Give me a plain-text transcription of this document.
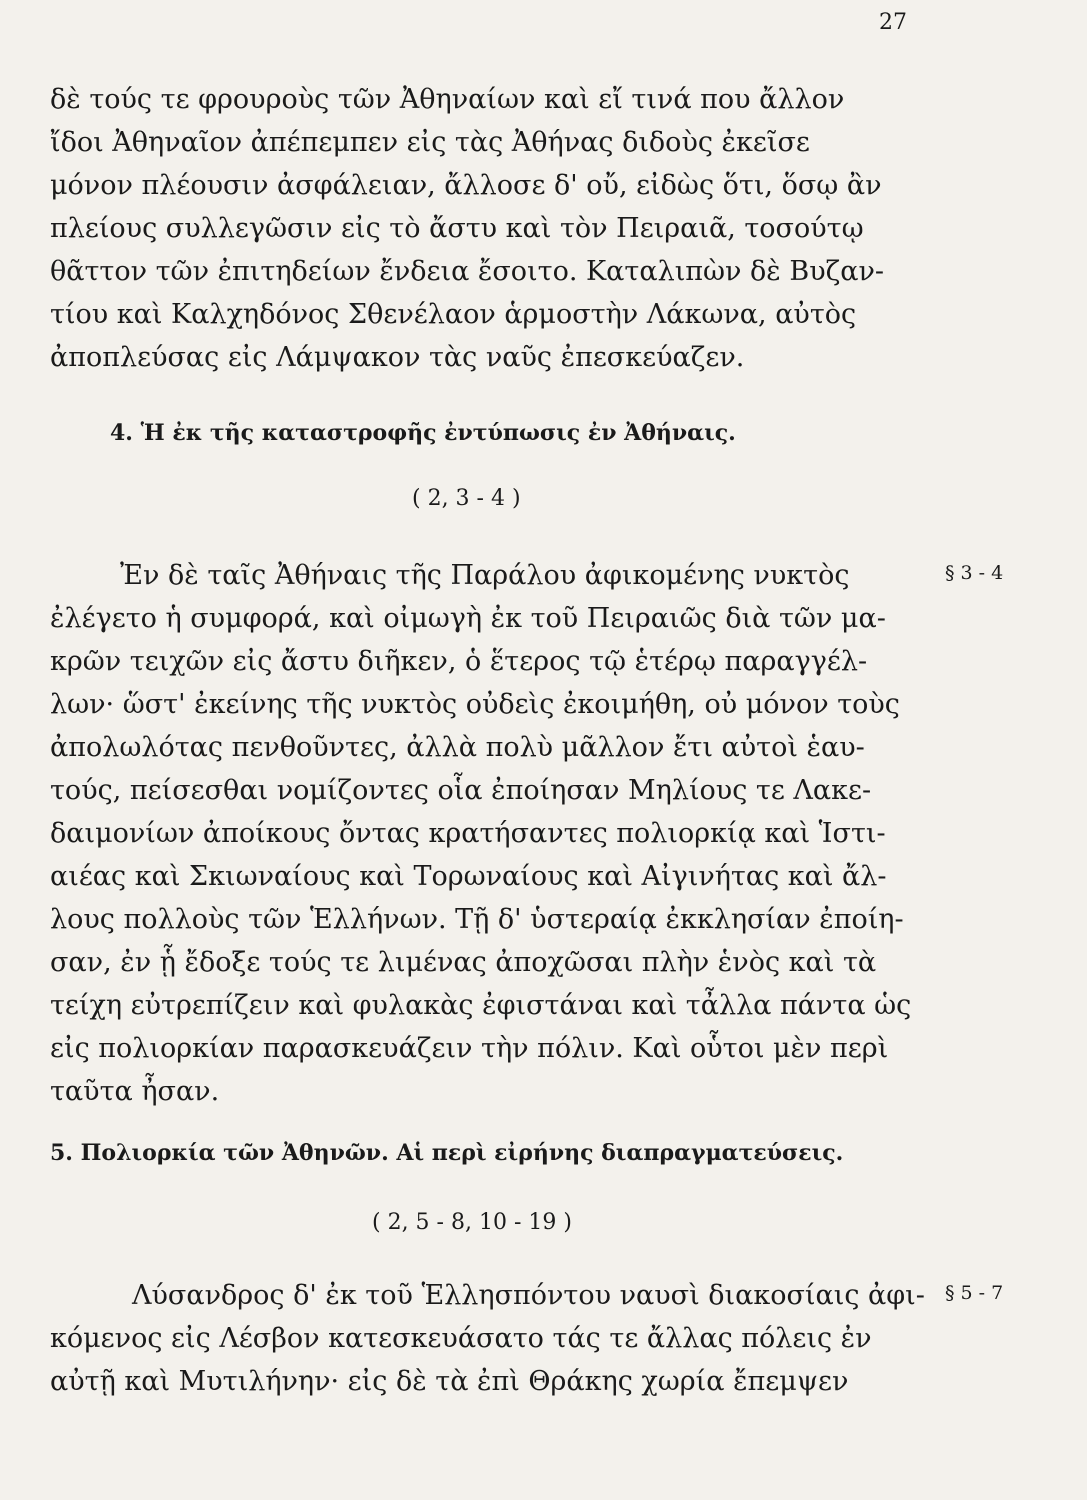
27
δὲ τούς τε φρουροὺς τῶν Ἀθηναίων καὶ εἴ τινά που ἄλλον
ἴδοι Ἀθηναῖον ἀπέπεμπεν εἰς τὰς Ἀθήνας διδοὺς ἐκεῖσε
μόνον πλέουσιν ἀσφάλειαν, ἄλλοσε δ' οὔ, εἰδὼς ὅτι, ὅσῳ ἂν
πλείους συλλεγῶσιν εἰς τὸ ἄστυ καὶ τὸν Πειραιᾶ, τοσούτῳ
θᾶττον τῶν ἐπιτηδείων ἔνδεια ἔσοιτο. Καταλιπὼν δὲ Βυζαν-
τίου καὶ Καλχηδόνος Σθενέλαον ἁρμοστὴν Λάκωνα, αὐτὸς
ἀποπλεύσας εἰς Λάμψακον τὰς ναῦς ἐπεσκεύαζεν.
4. Ἡ ἐκ τῆς καταστροφῆς ἐντύπωσις ἐν Ἀθήναις.
( 2, 3 - 4 )
§ 3 - 4
Ἐν δὲ ταῖς Ἀθήναις τῆς Παράλου ἀφικομένης νυκτὸς
ἐλέγετο ἡ συμφορά, καὶ οἰμωγὴ ἐκ τοῦ Πειραιῶς διὰ τῶν μα-
κρῶν τειχῶν εἰς ἄστυ διῆκεν, ὁ ἕτερος τῷ ἑτέρῳ παραγγέλ-
λων· ὥστ' ἐκείνης τῆς νυκτὸς οὐδεὶς ἐκοιμήθη, οὐ μόνον τοὺς
ἀπολωλότας πενθοῦντες, ἀλλὰ πολὺ μᾶλλον ἔτι αὐτοὶ ἑαυ-
τούς, πείσεσθαι νομίζοντες οἷα ἐποίησαν Μηλίους τε Λακε-
δαιμονίων ἀποίκους ὄντας κρατήσαντες πολιορκίᾳ καὶ Ἱστι-
αιέας καὶ Σκιωναίους καὶ Τορωναίους καὶ Αἰγινήτας καὶ ἄλ-
λους πολλοὺς τῶν Ἑλλήνων. Τῇ δ' ὑστεραίᾳ ἐκκλησίαν ἐποίη-
σαν, ἐν ᾗ ἔδοξε τούς τε λιμένας ἀποχῶσαι πλὴν ἑνὸς καὶ τὰ
τείχη εὐτρεπίζειν καὶ φυλακὰς ἐφιστάναι καὶ τἆλλα πάντα ὡς
εἰς πολιορκίαν παρασκευάζειν τὴν πόλιν. Καὶ οὗτοι μὲν περὶ
ταῦτα ἦσαν.
5. Πολιορκία τῶν Ἀθηνῶν. Αἱ περὶ εἰρήνης διαπραγματεύσεις.
( 2, 5 - 8, 10 - 19 )
§ 5 - 7
Λύσανδρος δ' ἐκ τοῦ Ἑλλησπόντου ναυσὶ διακοσίαις ἀφι-
κόμενος εἰς Λέσβον κατεσκευάσατο τάς τε ἄλλας πόλεις ἐν
αὐτῇ καὶ Μυτιλήνην· εἰς δὲ τὰ ἐπὶ Θράκης χωρία ἔπεμψεν
